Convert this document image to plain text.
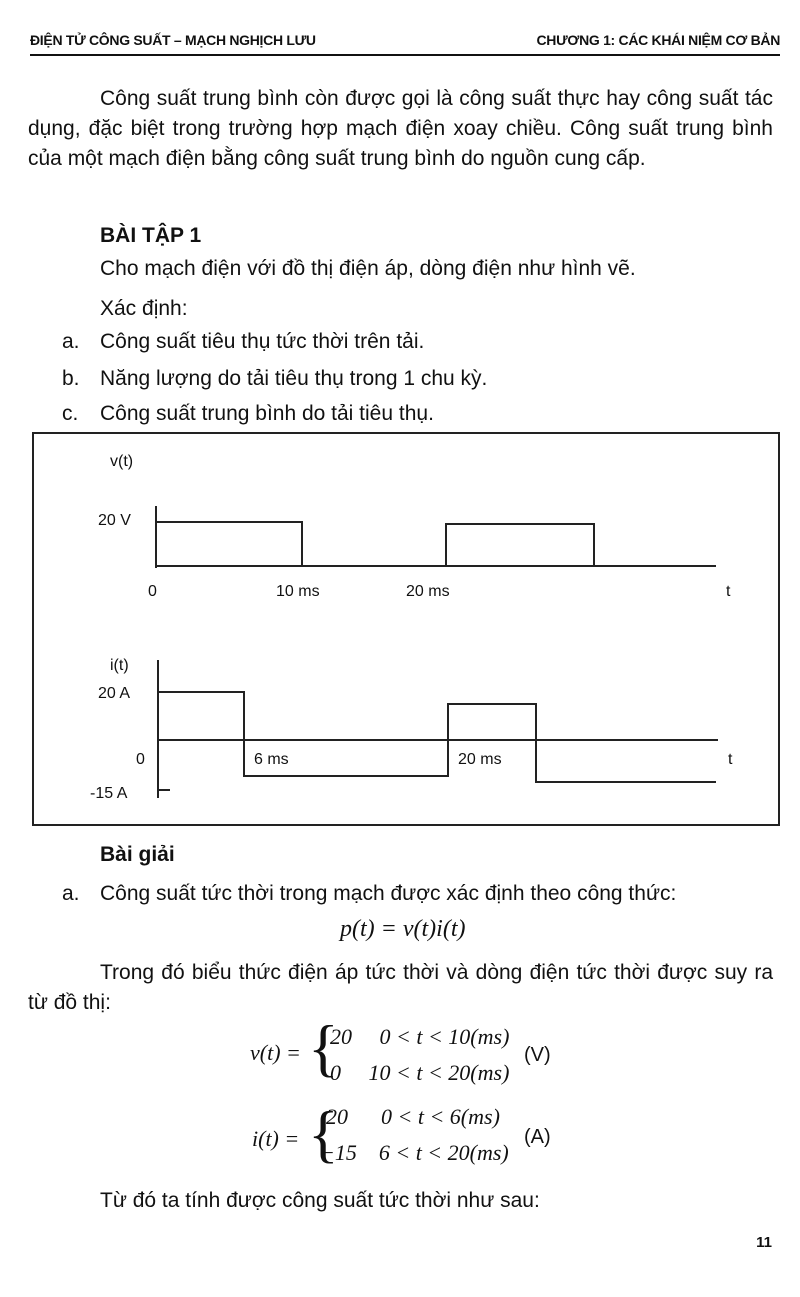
ĐIỆN TỬ CÔNG SUẤT – MẠCH NGHỊCH LƯU	CHƯƠNG 1: CÁC KHÁI NIỆM CƠ BẢN
Công suất trung bình còn được gọi là công suất thực hay công suất tác dụng, đặc biệt trong trường hợp mạch điện xoay chiều. Công suất trung bình của một mạch điện bằng công suất trung bình do nguồn cung cấp.
BÀI TẬP 1
Cho mạch điện với đồ thị điện áp, dòng điện như hình vẽ.
Xác định:
a. Công suất tiêu thụ tức thời trên tải.
b. Năng lượng do tải tiêu thụ trong 1 chu kỳ.
c. Công suất trung bình do tải tiêu thụ.
v(t)
20 V
0	10 ms	20 ms	t
i(t)
20 A
0
-15 A
6 ms	20 ms	t
Bài giải
a. Công suất tức thời trong mạch được xác định theo công thức:
p(t) = v(t)i(t)
Trong đó biểu thức điện áp tức thời và dòng điện tức thời được suy ra từ đồ thị:
v(t) = {
20     0 < t < 10(ms)
0     10 < t < 20(ms)
(V)
i(t) = {
20      0 < t < 6(ms)
−15    6 < t < 20(ms)
(A)
Từ đó ta tính được công suất tức thời như sau:
11
